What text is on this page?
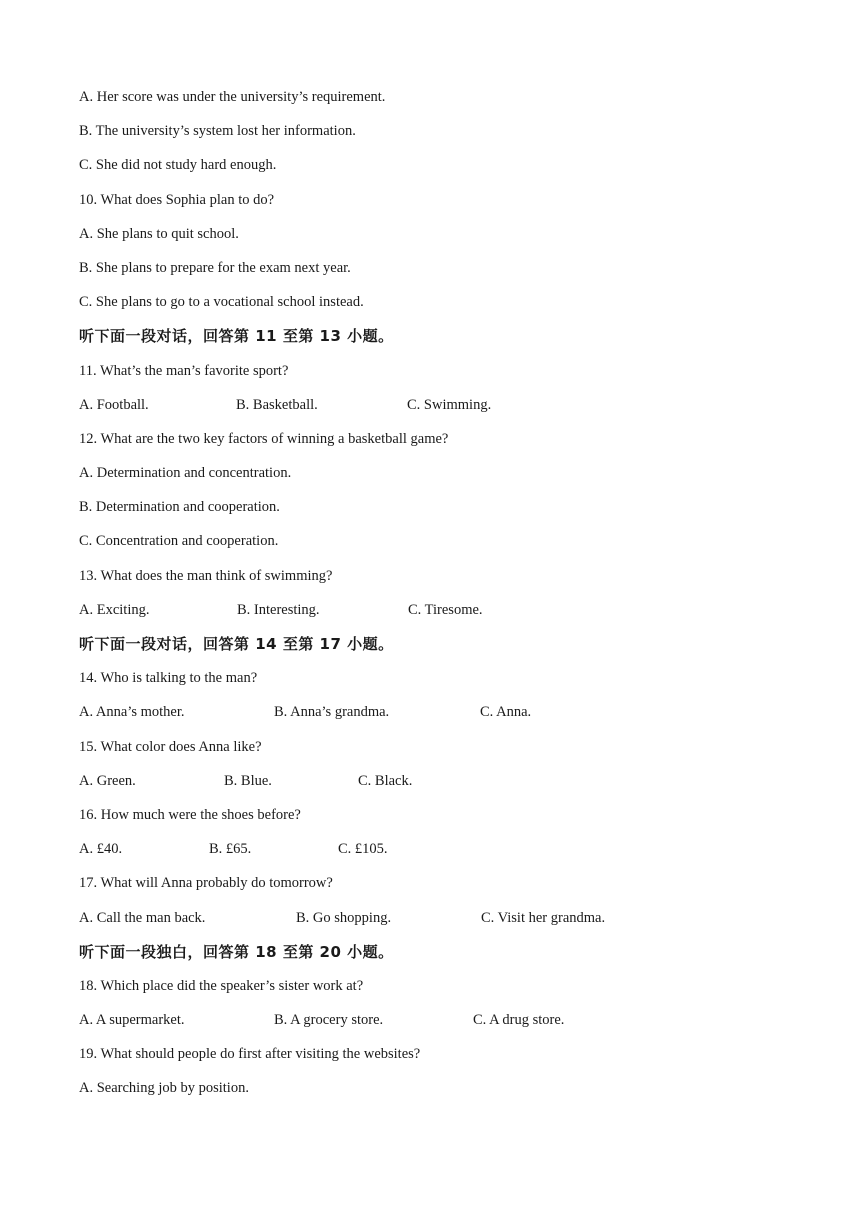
A. Her score was under the university’s requirement.
B. The university’s system lost her information.
C. She did not study hard enough.
10. What does Sophia plan to do?
A. She plans to quit school.
B. She plans to prepare for the exam next year.
C. She plans to go to a vocational school instead.
听下面一段对话，回答第 11 至第 13 小题。
11. What’s the man’s favorite sport?
A. Football.	B. Basketball.	C. Swimming.
12. What are the two key factors of winning a basketball game?
A. Determination and concentration.
B. Determination and cooperation.
C. Concentration and cooperation.
13. What does the man think of swimming?
A. Exciting.	B. Interesting.	C. Tiresome.
听下面一段对话，回答第 14 至第 17 小题。
14. Who is talking to the man?
A. Anna’s mother.	B. Anna’s grandma.	C. Anna.
15. What color does Anna like?
A. Green.	B. Blue.	C. Black.
16. How much were the shoes before?
A. £40.	B. £65.	C. £105.
17. What will Anna probably do tomorrow?
A. Call the man back.	B. Go shopping.	C. Visit her grandma.
听下面一段独白，回答第 18 至第 20 小题。
18. Which place did the speaker’s sister work at?
A. A supermarket.	B. A grocery store.	C. A drug store.
19. What should people do first after visiting the websites?
A. Searching job by position.
